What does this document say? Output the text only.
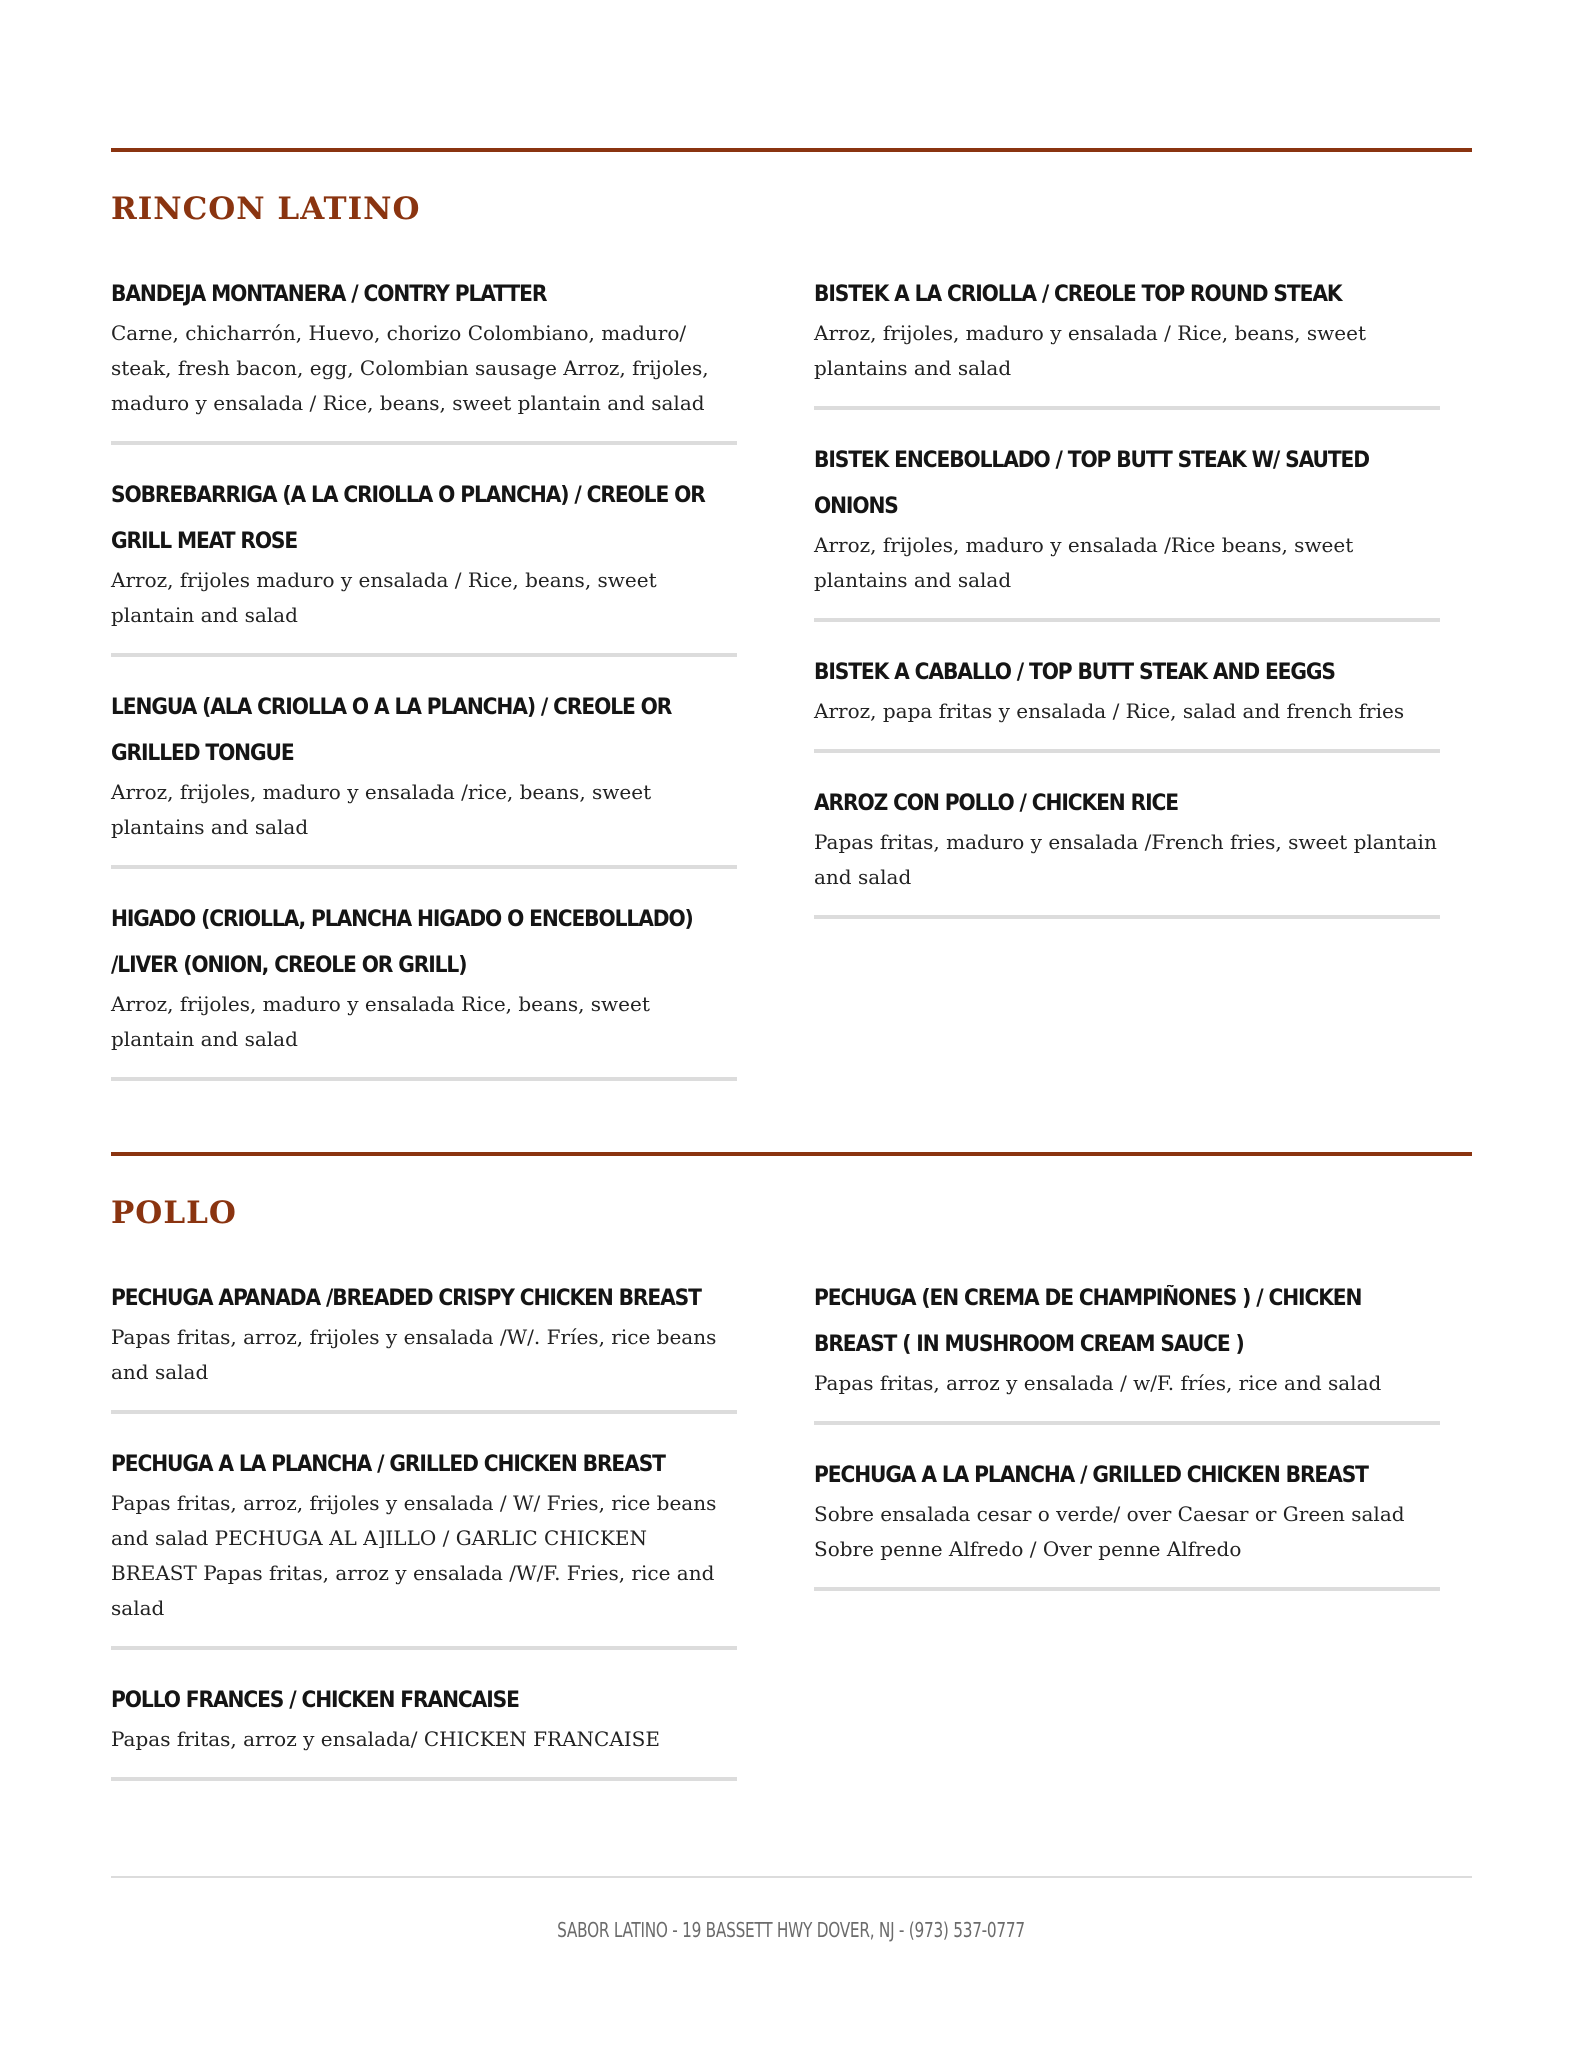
RINCON LATINO
BANDEJA MONTANERA / CONTRY PLATTER
Carne, chicharrón, Huevo, chorizo Colombiano, maduro/ steak, fresh bacon, egg, Colombian sausage Arroz, frijoles, maduro y ensalada / Rice, beans, sweet plantain and salad
SOBREBARRIGA (A LA CRIOLLA O PLANCHA) / CREOLE OR GRILL MEAT ROSE
Arroz, frijoles maduro y ensalada / Rice, beans, sweet plantain and salad
LENGUA (ALA CRIOLLA O A LA PLANCHA) / CREOLE OR GRILLED TONGUE
Arroz, frijoles, maduro y ensalada /rice, beans, sweet plantains and salad
HIGADO (CRIOLLA, PLANCHA HIGADO O ENCEBOLLADO) /LIVER (ONION, CREOLE OR GRILL)
Arroz, frijoles, maduro y ensalada Rice, beans, sweet plantain and salad
BISTEK A LA CRIOLLA / CREOLE TOP ROUND STEAK
Arroz, frijoles, maduro y ensalada / Rice, beans, sweet plantains and salad
BISTEK ENCEBOLLADO / TOP BUTT STEAK W/ SAUTED ONIONS
Arroz, frijoles, maduro y ensalada /Rice beans, sweet plantains and salad
BISTEK A CABALLO / TOP BUTT STEAK AND EEGGS
Arroz, papa fritas y ensalada / Rice, salad and french fries
ARROZ CON POLLO / CHICKEN RICE
Papas fritas, maduro y ensalada /French fries, sweet plantain and salad
POLLO
PECHUGA APANADA /BREADED CRISPY CHICKEN BREAST
Papas fritas, arroz, frijoles y ensalada /W/. Fríes, rice beans and salad
PECHUGA A LA PLANCHA / GRILLED CHICKEN BREAST
Papas fritas, arroz, frijoles y ensalada / W/ Fries, rice beans and salad PECHUGA AL A]ILLO / GARLIC CHICKEN BREAST Papas fritas, arroz y ensalada /W/F. Fries, rice and salad
POLLO FRANCES / CHICKEN FRANCAISE
Papas fritas, arroz y ensalada/ CHICKEN FRANCAISE
PECHUGA (EN CREMA DE CHAMPIÑONES ) / CHICKEN BREAST ( IN MUSHROOM CREAM SAUCE )
Papas fritas, arroz y ensalada / w/F. fríes, rice and salad
PECHUGA A LA PLANCHA / GRILLED CHICKEN BREAST
Sobre ensalada cesar o verde/ over Caesar or Green salad Sobre penne Alfredo / Over penne Alfredo
SABOR LATINO - 19 BASSETT HWY DOVER, NJ - (973) 537-0777
